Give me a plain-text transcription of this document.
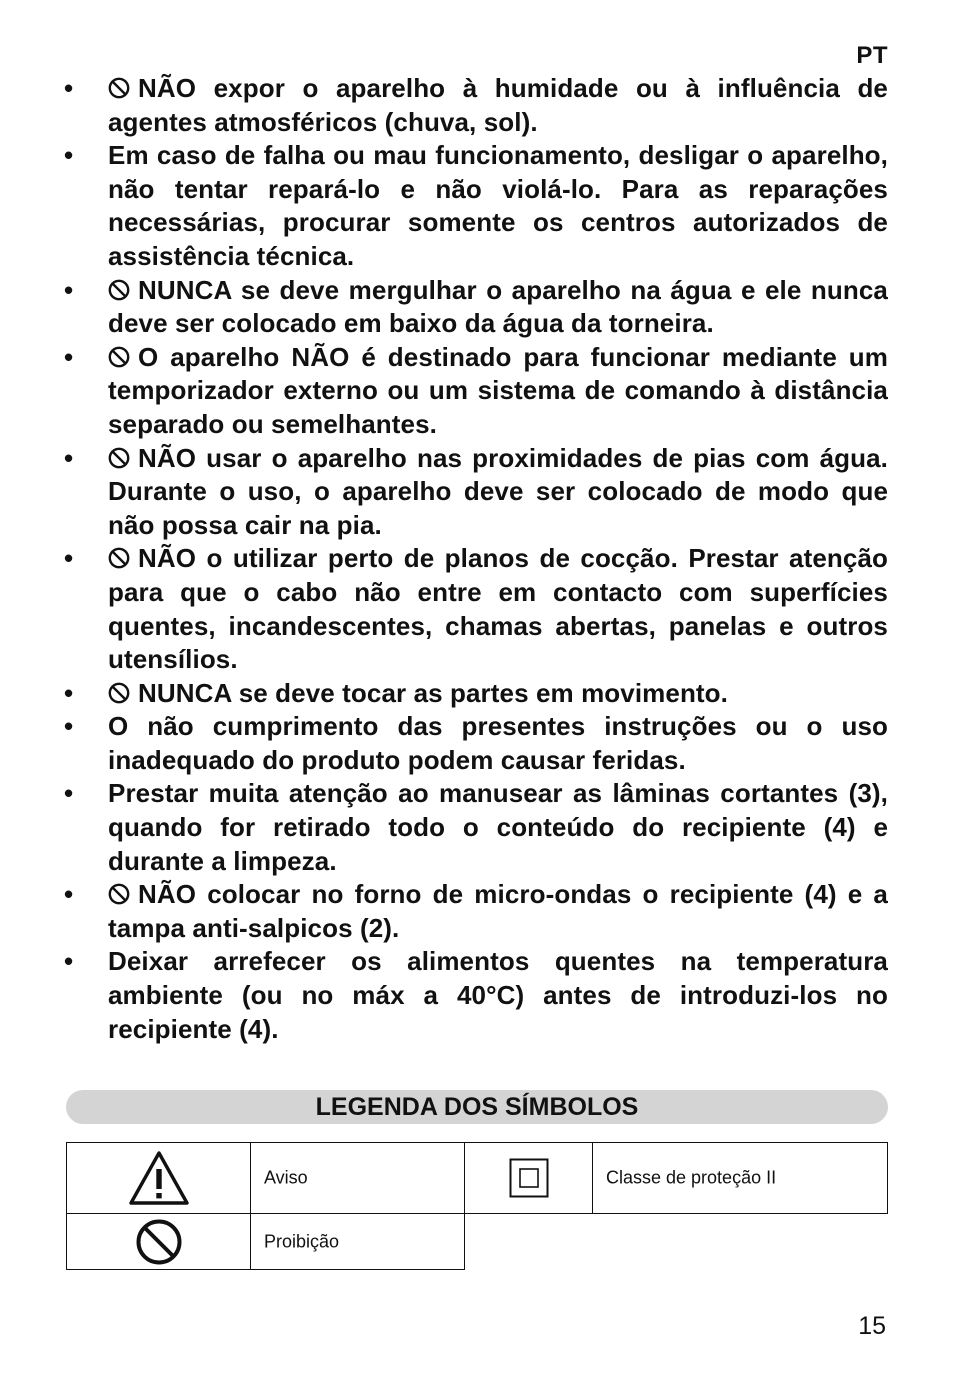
PT
•	NÃO expor o aparelho à humidade ou à influência de agentes atmosféricos (chuva, sol).
•	Em caso de falha ou mau funcionamento, desligar o aparelho, não tentar repará-lo e não violá-lo. Para as reparações necessárias, procurar somente os centros autorizados de assistência técnica.
•	NUNCA se deve mergulhar o aparelho na água e ele nunca deve ser colocado em baixo da água da torneira.
•	O aparelho NÃO é destinado para funcionar mediante um temporizador externo ou um sistema de comando à distância separado ou semelhantes.
•	NÃO usar o aparelho nas proximidades de pias com água. Durante o uso, o aparelho deve ser colocado de modo que não possa cair na pia.
•	NÃO o utilizar perto de planos de cocção. Prestar atenção para que o cabo não entre em contacto com superfícies quentes, incandescentes, chamas abertas, panelas e outros utensílios.
•	NUNCA se deve tocar as partes em movimento.
•	O não cumprimento das presentes instruções ou o uso inadequado do produto podem causar feridas.
•	Prestar muita atenção ao manusear as lâminas cortantes (3), quando for retirado todo o conteúdo do recipiente (4) e durante a limpeza.
•	NÃO colocar no forno de micro-ondas o recipiente (4) e a tampa anti-salpicos (2).
•	Deixar arrefecer os alimentos quentes na temperatura ambiente (ou no máx a 40°C) antes de introduzi-los no recipiente (4).
LEGENDA DOS SÍMBOLOS
Aviso	Classe de proteção II
Proibição
15
